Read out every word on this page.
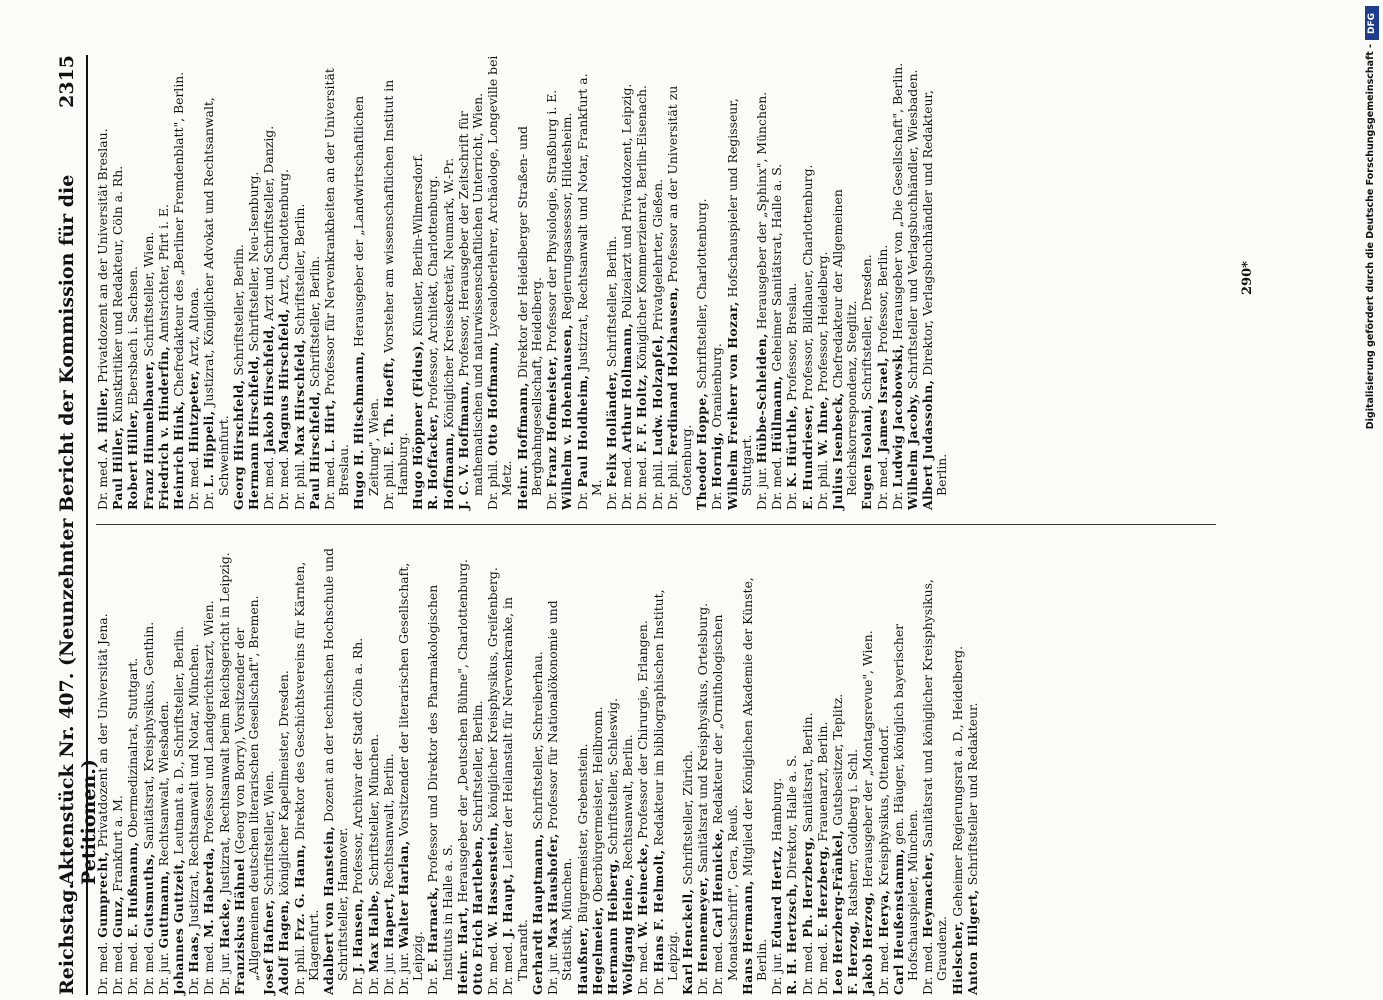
Reichstag.
Aktenstück Nr. 407. (Neunzehnter Bericht der Kommission für die Petitionen.)
2315
Dr. med. Gumprecht, Privatdozent an der Universität Jena.
Dr. med. Gunz, Frankfurt a. M.
Dr. med. E. Hußmann, Obermedizinalrat, Stuttgart.
Dr. med. Gutsmuths, Sanitätsrat, Kreisphysikus, Genthin.
Dr. jur. Guttmann, Rechtsanwalt, Wiesbaden.
Johannes Guttzeit, Leutnant a. D., Schriftsteller, Berlin.
Dr. Haas, Justizrat, Rechtsanwalt und Notar, München.
Dr. med. M. Haberda, Professor und Landgerichtsarzt, Wien.
Dr. jur. Hacke, Justizrat, Rechtsanwalt beim Reichsgericht in Leipzig.
Franziskus Hähnel (Georg von Borry), Vorsitzender der „Allgemeinen deutschen literarischen Gesellschaft", Bremen. Josef Hafner, Schriftsteller, Wien.
Adolf Hagen, königlicher Kapellmeister, Dresden.
Dr. phil. Frz. G. Hann, Direktor des Geschichtsvereins für Kärnten, Klagenfurt. Adalbert von Hanstein, Dozent an der technischen Hochschule und Schriftsteller, Hannover.
Dr. J. Hansen, Professor, Archivar der Stadt Cöln a. Rh.
Dr. Max Halbe, Schriftsteller, München.
Dr. jur. Hapert, Rechtsanwalt, Berlin.
Dr. jur. Walter Harlan, Vorsitzender der literarischen Gesellschaft, Leipzig.
Dr. E. Harnack, Professor und Direktor des Pharmakologischen Instituts in Halle a. S. Heinr. Hart, Herausgeber der „Deutschen Bühne", Charlottenburg.
Otto Erich Hartleben, Schriftsteller, Berlin.
Dr. med. W. Hassenstein, königlicher Kreisphysikus, Greifenberg.
Dr. med. J. Haupt, Leiter der Heilanstalt für Nervenkranke, in Tharandt. Gerhardt Hauptmann, Schriftsteller, Schreiberhau.
Dr. jur. Max Haushofer, Professor für Nationalökonomie und Statistik, München. Haußner, Bürgermeister, Grebenstein.
Hegelmeier, Oberbürgermeister, Heilbronn.
Hermann Heiberg, Schriftsteller, Schleswig.
Wolfgang Heine, Rechtsanwalt, Berlin.
Dr. med. W. Heinecke, Professor der Chirurgie, Erlangen.
Dr. Hans F. Helmolt, Redakteur im bibliographischen Institut, Leipzig. Karl Henckell, Schriftsteller, Zürich.
Dr. Hennemeyer, Sanitätsrat und Kreisphysikus, Ortelsburg.
Dr. med. Carl Hennicke, Redakteur der „Ornithologischen Monatsschrift", Gera, Reuß. Hans Hermann, Mitglied der Königlichen Akademie der Künste, Berlin. Dr. jur. Eduard Hertz, Hamburg.
R. H. Hertzsch, Direktor, Halle a. S.
Dr. med. Ph. Herzberg, Sanitätsrat, Berlin.
Dr. med. E. Herzberg, Frauenarzt, Berlin.
Leo Herzberg-Fränkel, Gutsbesitzer, Teplitz.
F. Herzog, Ratsherr, Goldberg i. Schl.
Jakob Herzog, Herausgeber der „Montagsrevue", Wien.
Dr. med. Herya, Kreisphysikus, Ottendorf.
Carl Heußenstamm, gen. Häuger, königlich bayerischer Hofschauspieler, München. Dr. med. Heymacher, Sanitätsrat und königlicher Kreisphysikus, Graudenz. Hielscher, Geheimer Regierungsrat a. D., Heidelberg.
Anton Hilgert, Schriftsteller und Redakteur.
Dr. med. A. Hiller, Privatdozent an der Universität Breslau.
Paul Hiller, Kunstkritiker und Redakteur, Cöln a. Rh.
Robert Hiller, Ebersbach i. Sachsen.
Franz Himmelbauer, Schriftsteller, Wien.
Friedrich v. Hinderfin, Amtsrichter, Pfirt i. E.
Heinrich Hink, Chefredakteur des „Berliner Fremdenblatt", Berlin.
Dr. med. Hintzpeter, Arzt, Altona.
Dr. L. Hippeli, Justizrat, Königlicher Advokat und Rechtsanwalt, Schweinfurt. Georg Hirschfeld, Schriftsteller, Berlin.
Hermann Hirschfeld, Schriftsteller, Neu-Isenburg.
Dr. med. Jakob Hirschfeld, Arzt und Schriftsteller, Danzig.
Dr. med. Magnus Hirschfeld, Arzt, Charlottenburg.
Dr. phil. Max Hirschfeld, Schriftsteller, Berlin.
Paul Hirschfeld, Schriftsteller, Berlin.
Dr. med. L. Hirt, Professor für Nervenkrankheiten an der Universität Breslau. Hugo H. Hitschmann, Herausgeber der „Landwirtschaftlichen Zeitung", Wien. Dr. phil. E. Th. Hoefft, Vorsteher am wissenschaftlichen Institut in Hamburg. Hugo Höppner (Fidus), Künstler, Berlin-Wilmersdorf.
R. Hoffacker, Professor, Architekt, Charlottenburg.
Hoffmann, Königlicher Kreissekretär, Neumark, W.-Pr.
J. C. V. Hoffmann, Professor, Herausgeber der Zeitschrift für mathematischen und naturwissenschaftlichen Unterricht, Wien. Dr. phil. Otto Hoffmann, Lycealoberlehrer, Archäologe, Longeville bei Metz. Heinr. Hoffmann, Direktor der Heidelberger Straßen- und Bergbahngesellschaft, Heidelberg.
Dr. Franz Hofmeister, Professor der Physiologie, Straßburg i. E.
Wilhelm v. Hohenhausen, Regierungsassessor, Hildesheim.
Dr. Paul Holdheim, Justizrat, Rechtsanwalt und Notar, Frankfurt a. M.
Dr. Felix Holländer, Schriftsteller, Berlin.
Dr. med. Arthur Hollmann, Polizeiarzt und Privatdozent, Leipzig.
Dr. med. F. F. Holtz, Königlicher Kommerzienrat, Berlin-Eisenach.
Dr. phil. Ludw. Holzapfel, Privatgelehrter, Gießen.
Dr. phil. Ferdinand Holzhausen, Professor an der Universität zu Gotenburg. Theodor Hoppe, Schriftsteller, Charlottenburg.
Dr. Hornig, Oranienburg. Wilhelm Freiherr von Hozar, Hofschauspieler und Regisseur, Stuttgart. Dr. jur. Hübbe-Schleiden, Herausgeber der „Sphinx", München.
Dr. med. Hüllmann, Geheimer Sanitätsrat, Halle a. S.
Dr. K. Hürthle, Professor, Breslau.
E. Hundrieser, Professor, Bildhauer, Charlottenburg.
Dr. phil. W. Ihne, Professor, Heidelberg.
Julius Isenbeck, Chefredakteur der Allgemeinen Reichskorrespondenz, Steglitz. Eugen Isolani, Schriftsteller, Dresden.
Dr. med. James Israel, Professor, Berlin.
Dr. Ludwig Jacobowski, Herausgeber von „Die Gesellschaft", Berlin.
Wilhelm Jacoby, Schriftsteller und Verlagsbuchhändler, Wiesbaden.
Albert Judassohn, Direktor, Verlagsbuchhändler und Redakteur, Berlin.
290*
DFG
Digitalisierung gefördert durch die Deutsche Forschungsgemeinschaft -
